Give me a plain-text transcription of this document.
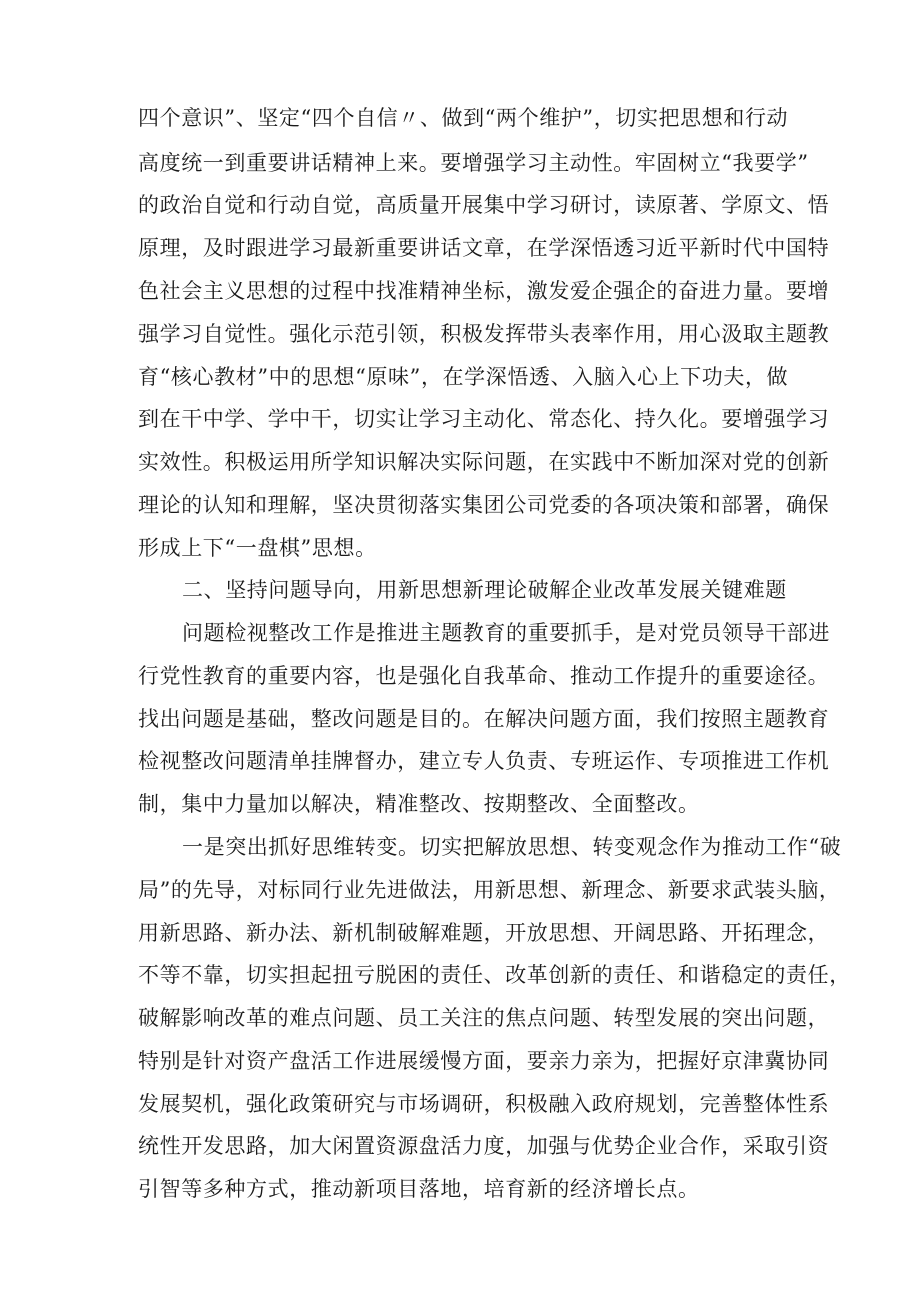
四个意识”、坚定“四个自信〃、做到“两个维护”，切实把思想和行动
高度统一到重要讲话精神上来。要增强学习主动性。牢固树立“我要学”
的政治自觉和行动自觉，高质量开展集中学习研讨，读原著、学原文、悟
原理，及时跟进学习最新重要讲话文章，在学深悟透习近平新时代中国特
色社会主义思想的过程中找准精神坐标，激发爱企强企的奋进力量。要增
强学习自觉性。强化示范引领，积极发挥带头表率作用，用心汲取主题教
育“核心教材”中的思想“原味”，在学深悟透、入脑入心上下功夫，做
到在干中学、学中干，切实让学习主动化、常态化、持久化。要增强学习
实效性。积极运用所学知识解决实际问题，在实践中不断加深对党的创新
理论的认知和理解，坚决贯彻落实集团公司党委的各项决策和部署，确保
形成上下“一盘棋”思想。
二、坚持问题导向，用新思想新理论破解企业改革发展关键难题
问题检视整改工作是推进主题教育的重要抓手，是对党员领导干部进
行党性教育的重要内容，也是强化自我革命、推动工作提升的重要途径。
找出问题是基础，整改问题是目的。在解决问题方面，我们按照主题教育
检视整改问题清单挂牌督办，建立专人负责、专班运作、专项推进工作机
制，集中力量加以解决，精准整改、按期整改、全面整改。
一是突出抓好思维转变。切实把解放思想、转变观念作为推动工作“破
局”的先导，对标同行业先进做法，用新思想、新理念、新要求武装头脑，
用新思路、新办法、新机制破解难题，开放思想、开阔思路、开拓理念，
不等不靠，切实担起扭亏脱困的责任、改革创新的责任、和谐稳定的责任，
破解影响改革的难点问题、员工关注的焦点问题、转型发展的突出问题，
特别是针对资产盘活工作进展缓慢方面，要亲力亲为，把握好京津冀协同
发展契机，强化政策研究与市场调研，积极融入政府规划，完善整体性系
统性开发思路，加大闲置资源盘活力度，加强与优势企业合作，采取引资
引智等多种方式，推动新项目落地，培育新的经济增长点。
